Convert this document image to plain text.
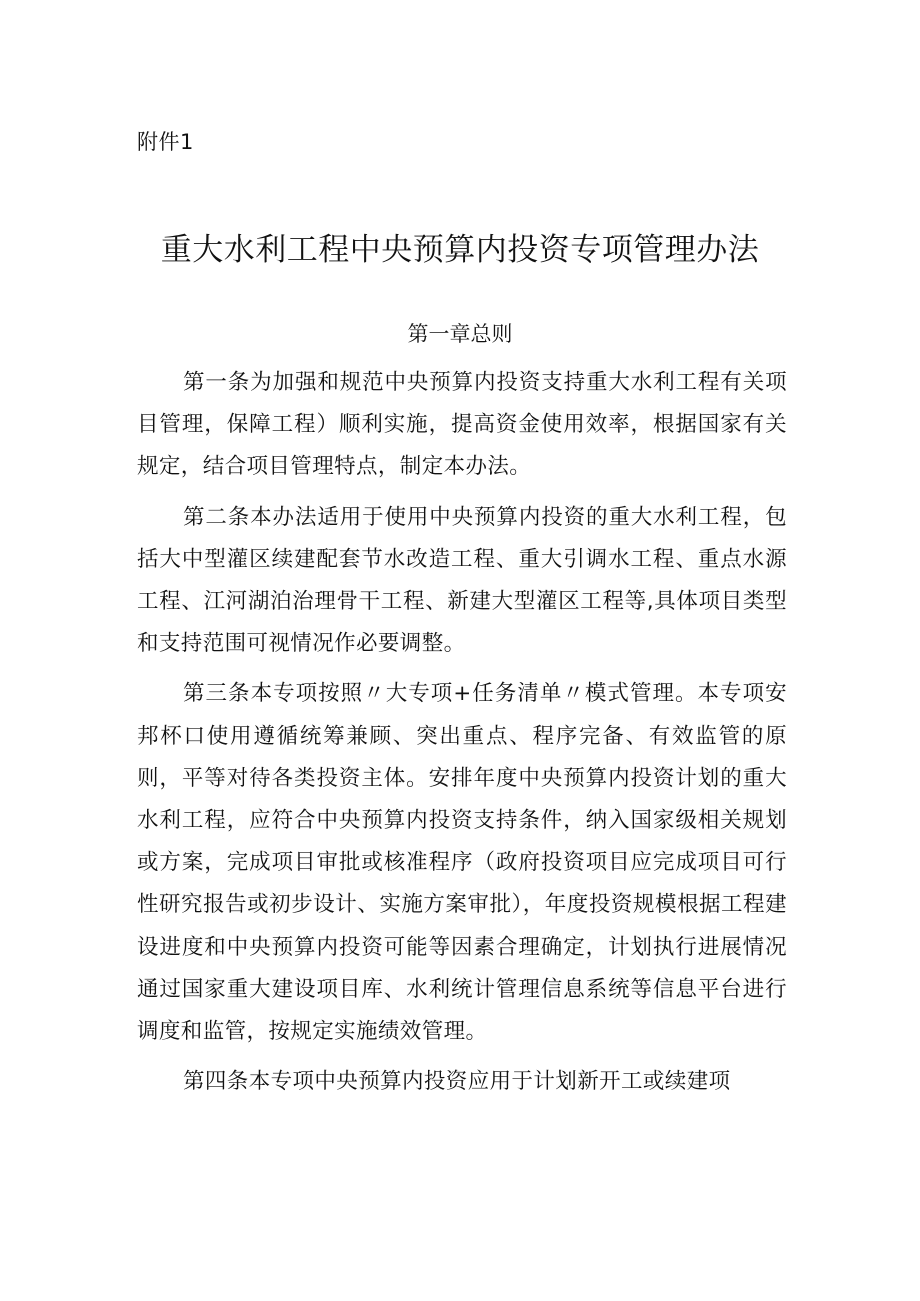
附件1
重大水利工程中央预算内投资专项管理办法
第一章总则

第一条为加强和规范中央预算内投资支持重大水利工程有关项目管理，保障工程）顺利实施，提高资金使用效率，根据国家有关规定，结合项目管理特点，制定本办法。

第二条本办法适用于使用中央预算内投资的重大水利工程，包括大中型灌区续建配套节水改造工程、重大引调水工程、重点水源工程、江河湖泊治理骨干工程、新建大型灌区工程等,具体项目类型和支持范围可视情况作必要调整。

第三条本专项按照〃大专项+任务清单〃模式管理。本专项安邦杯口使用遵循统筹兼顾、突出重点、程序完备、有效监管的原则，平等对待各类投资主体。安排年度中央预算内投资计划的重大水利工程，应符合中央预算内投资支持条件，纳入国家级相关规划或方案，完成项目审批或核准程序（政府投资项目应完成项目可行性研究报告或初步设计、实施方案审批），年度投资规模根据工程建设进度和中央预算内投资可能等因素合理确定，计划执行进展情况通过国家重大建设项目库、水利统计管理信息系统等信息平台进行调度和监管，按规定实施绩效管理。

第四条本专项中央预算内投资应用于计划新开工或续建项
